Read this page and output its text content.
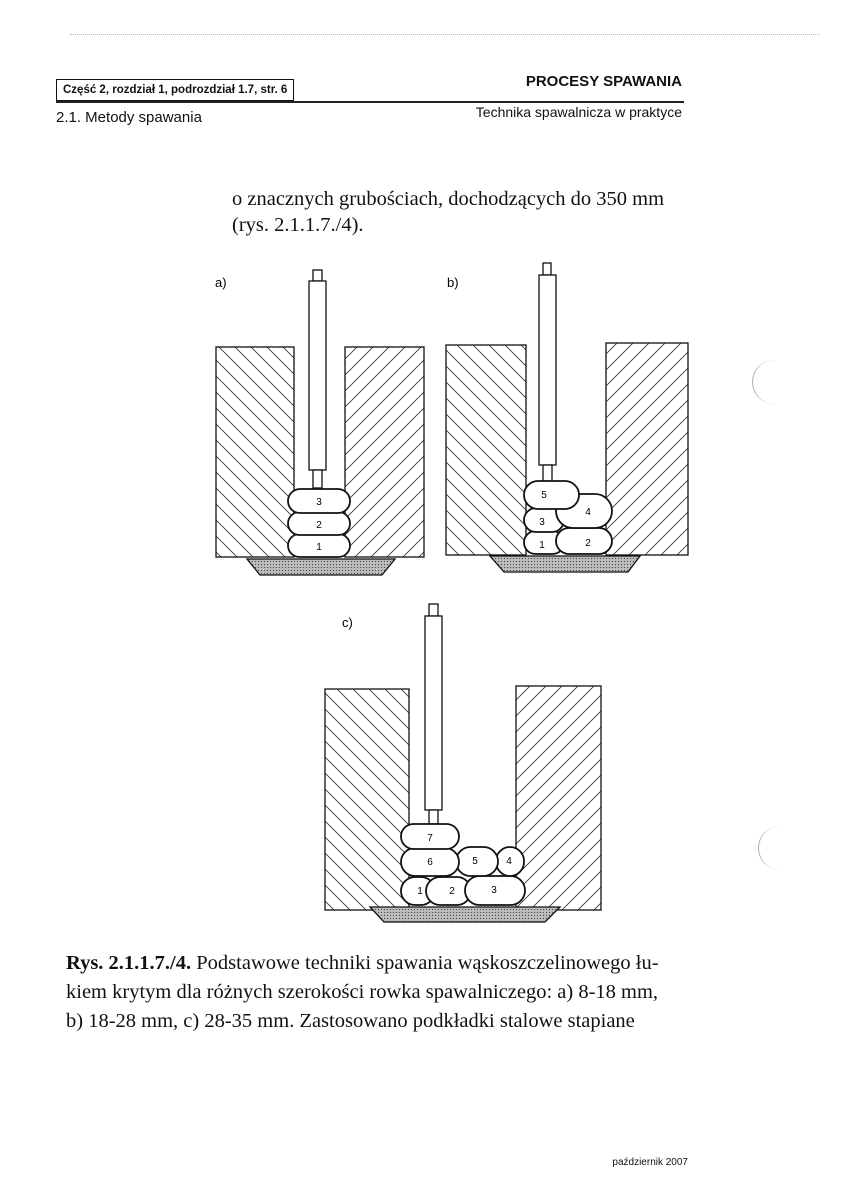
Część 2, rozdział 1, podrozdział 1.7, str. 6	PROCESY SPAWANIA
2.1. Metody spawania	Technika spawalnicza w praktyce
o znacznych grubościach, dochodzących do 350 mm
(rys. 2.1.1.7./4).
a)
1
2
3
b)
1	2
3
4
5
c)
1	2	3
4
5
6
7
Rys. 2.1.1.7./4. Podstawowe techniki spawania wąskoszczelinowego łu-
kiem krytym dla różnych szerokości rowka spawalniczego: a) 8-18 mm,
b) 18-28 mm, c) 28-35 mm. Zastosowano podkładki stalowe stapiane
październik 2007
